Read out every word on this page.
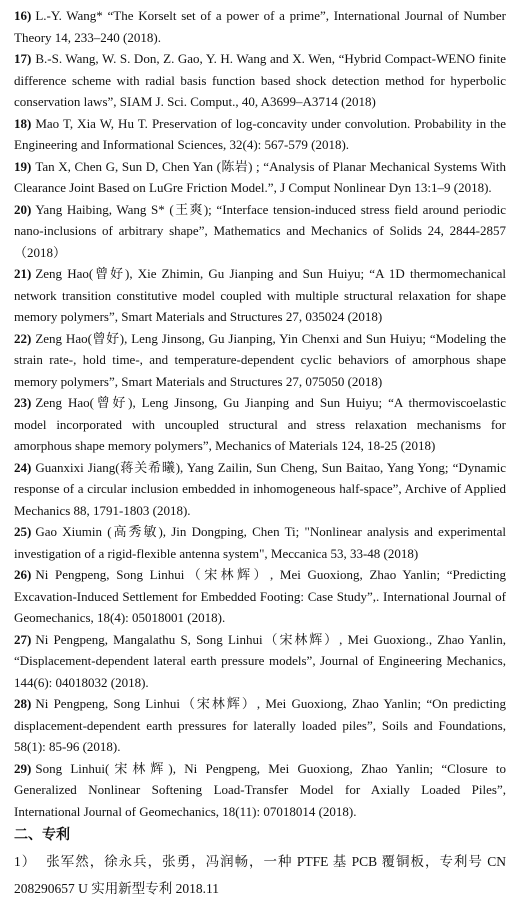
16) L.-Y. Wang* “The Korselt set of a power of a prime”, International Journal of Number Theory 14, 233–240 (2018).

17) B.-S. Wang, W. S. Don, Z. Gao, Y. H. Wang and X. Wen, “Hybrid Compact-WENO finite difference scheme with radial basis function based shock detection method for hyperbolic conservation laws”, SIAM J. Sci. Comput., 40, A3699–A3714 (2018)

18) Mao T, Xia W, Hu T. Preservation of log-concavity under convolution. Probability in the Engineering and Informational Sciences, 32(4): 567-579 (2018).

19) Tan X, Chen G, Sun D, Chen Yan (陈岩) ; “Analysis of Planar Mechanical Systems With Clearance Joint Based on LuGre Friction Model.”, J Comput Nonlinear Dyn 13:1–9 (2018).

20) Yang Haibing, Wang S* (王爽); “Interface tension-induced stress field around periodic nano-inclusions of arbitrary shape”, Mathematics and Mechanics of Solids 24, 2844-2857（2018）

21) Zeng Hao(曾好), Xie Zhimin, Gu Jianping and Sun Huiyu; “A 1D thermomechanical network transition constitutive model coupled with multiple structural relaxation for shape memory polymers”, Smart Materials and Structures 27, 035024 (2018)

22) Zeng Hao(曾好), Leng Jinsong, Gu Jianping, Yin Chenxi and Sun Huiyu; “Modeling the strain rate-, hold time-, and temperature-dependent cyclic behaviors of amorphous shape memory polymers”, Smart Materials and Structures 27, 075050 (2018)

23) Zeng Hao(曾好), Leng Jinsong, Gu Jianping and Sun Huiyu; “A thermoviscoelastic model incorporated with uncoupled structural and stress relaxation mechanisms for amorphous shape memory polymers”, Mechanics of Materials 124, 18-25 (2018)

24) Guanxixi Jiang(蒋关希曦), Yang Zailin, Sun Cheng, Sun Baitao, Yang Yong; “Dynamic response of a circular inclusion embedded in inhomogeneous half-space”, Archive of Applied Mechanics 88, 1791-1803 (2018).

25) Gao Xiumin (高秀敏), Jin Dongping, Chen Ti; "Nonlinear analysis and experimental investigation of a rigid-flexible antenna system", Meccanica 53, 33-48 (2018)

26) Ni Pengpeng, Song Linhui（宋林辉）, Mei Guoxiong, Zhao Yanlin; “Predicting Excavation-Induced Settlement for Embedded Footing: Case Study”,. International Journal of Geomechanics, 18(4): 05018001 (2018).

27) Ni Pengpeng, Mangalathu S, Song Linhui（宋林辉）, Mei Guoxiong., Zhao Yanlin, “Displacement-dependent lateral earth pressure models”, Journal of Engineering Mechanics, 144(6): 04018032 (2018).

28) Ni Pengpeng, Song Linhui（宋林辉）, Mei Guoxiong, Zhao Yanlin; “On predicting displacement-dependent earth pressures for laterally loaded piles”, Soils and Foundations, 58(1): 85-96 (2018).

29) Song Linhui(宋林辉), Ni Pengpeng, Mei Guoxiong, Zhao Yanlin; “Closure to Generalized Nonlinear Softening Load-Transfer Model for Axially Loaded Piles”, International Journal of Geomechanics, 18(11): 07018014 (2018).

二、专利

1） 张军然，徐永兵，张勇，冯润畅，一种 PTFE 基 PCB 覆铜板，专利号 CN 208290657 U 实用新型专利 2018.11
